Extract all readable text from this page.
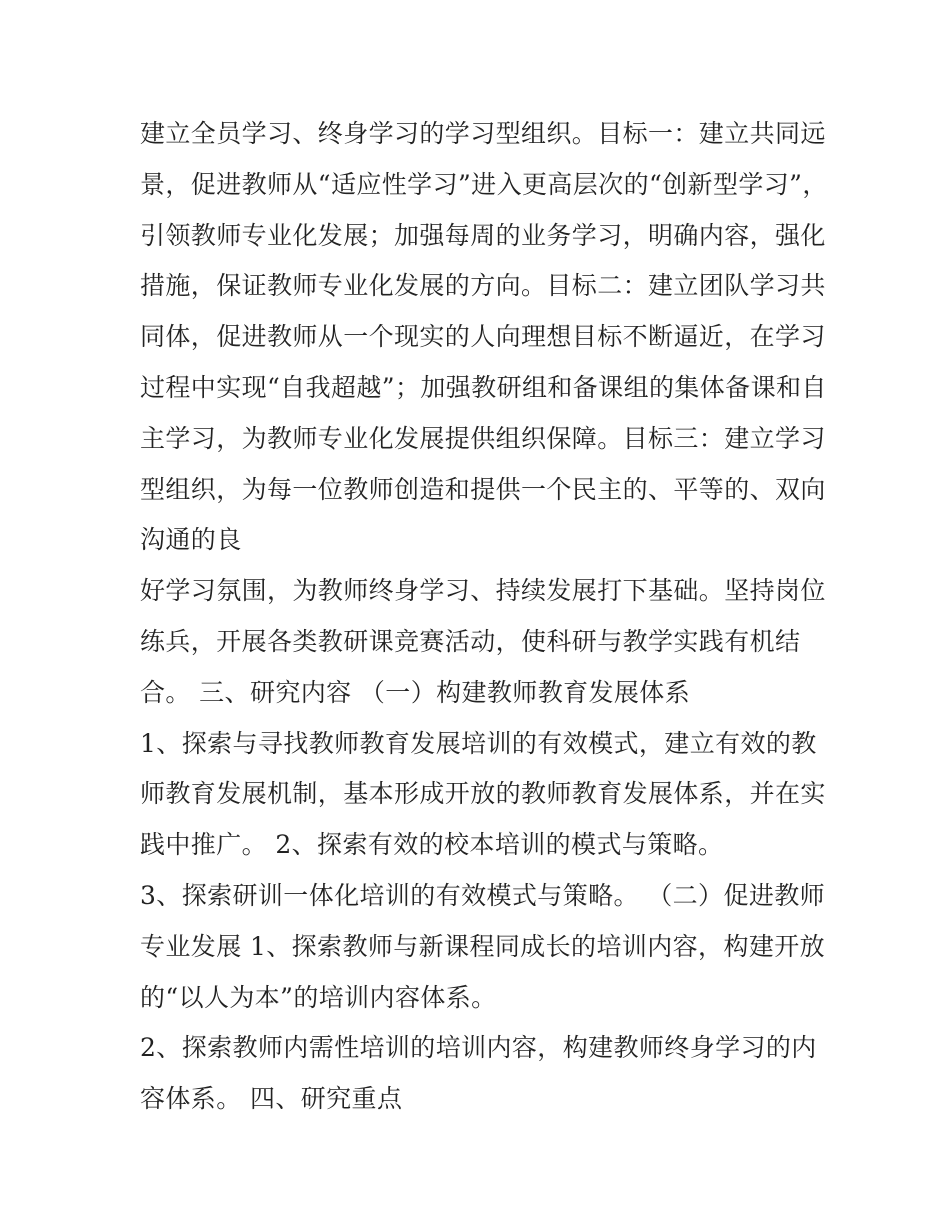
建立全员学习、终身学习的学习型组织。目标一：建立共同远
景，促进教师从“适应性学习”进入更高层次的“创新型学习”，
引领教师专业化发展；加强每周的业务学习，明确内容，强化
措施，保证教师专业化发展的方向。目标二：建立团队学习共
同体，促进教师从一个现实的人向理想目标不断逼近，在学习
过程中实现“自我超越”；加强教研组和备课组的集体备课和自
主学习，为教师专业化发展提供组织保障。目标三：建立学习
型组织，为每一位教师创造和提供一个民主的、平等的、双向
沟通的良
好学习氛围，为教师终身学习、持续发展打下基础。坚持岗位
练兵，开展各类教研课竞赛活动，使科研与教学实践有机结
合。 三、研究内容 （一）构建教师教育发展体系
1、探索与寻找教师教育发展培训的有效模式，建立有效的教
师教育发展机制，基本形成开放的教师教育发展体系，并在实
践中推广。 2、探索有效的校本培训的模式与策略。
3、探索研训一体化培训的有效模式与策略。 （二）促进教师
专业发展 1、探索教师与新课程同成长的培训内容，构建开放
的“以人为本”的培训内容体系。
2、探索教师内需性培训的培训内容，构建教师终身学习的内
容体系。 四、研究重点
